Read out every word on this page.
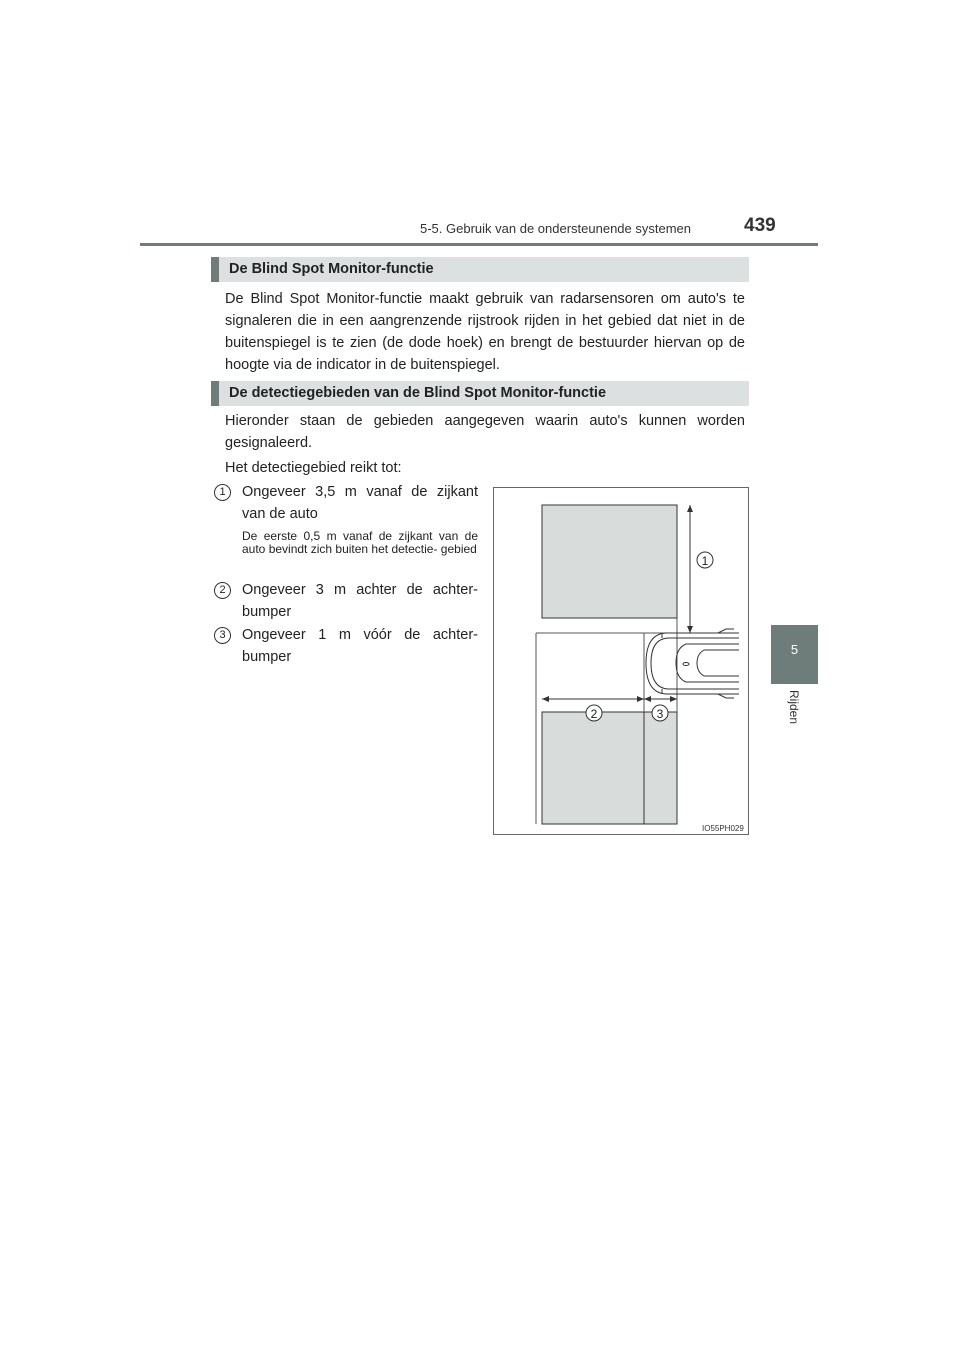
5-5. Gebruik van de ondersteunende systemen	439
5
Rijden
De Blind Spot Monitor-functie
De Blind Spot Monitor-functie maakt gebruik van radarsensoren om auto's te signaleren die in een aangrenzende rijstrook rijden in het gebied dat niet in de buitenspiegel is te zien (de dode hoek) en brengt de bestuurder hiervan op de hoogte via de indicator in de buitenspiegel.
De detectiegebieden van de Blind Spot Monitor-functie
Hieronder staan de gebieden aangegeven waarin auto's kunnen worden gesignaleerd.
Het detectiegebied reikt tot:
1	Ongeveer 3,5 m vanaf de zijkant van de auto
De eerste 0,5 m vanaf de zijkant van de auto bevindt zich buiten het detectie- gebied
2	Ongeveer 3 m achter de achter- bumper
3	Ongeveer 1 m vóór de achter- bumper
1
2	3
IO55PH029
